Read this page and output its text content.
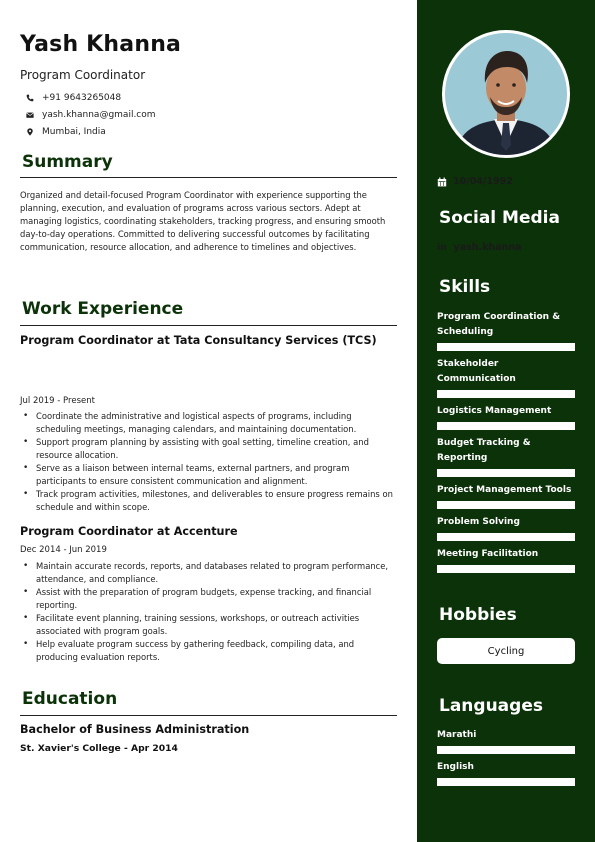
Yash Khanna
Program Coordinator
+91 9643265048
yash.khanna@gmail.com
Mumbai, India
Summary
Organized and detail-focused Program Coordinator with experience supporting the planning, execution, and evaluation of programs across various sectors. Adept at managing logistics, coordinating stakeholders, tracking progress, and ensuring smooth day-to-day operations. Committed to delivering successful outcomes by facilitating communication, resource allocation, and adherence to timelines and objectives.
Work Experience
Program Coordinator at Tata Consultancy Services (TCS)
Jul 2019 - Present
• Coordinate the administrative and logistical aspects of programs, including scheduling meetings, managing calendars, and maintaining documentation.
• Support program planning by assisting with goal setting, timeline creation, and resource allocation.
• Serve as a liaison between internal teams, external partners, and program participants to ensure consistent communication and alignment.
• Track program activities, milestones, and deliverables to ensure progress remains on schedule and within scope.
Program Coordinator at Accenture
Dec 2014 - Jun 2019
• Maintain accurate records, reports, and databases related to program performance, attendance, and compliance.
• Assist with the preparation of program budgets, expense tracking, and financial reporting.
• Facilitate event planning, training sessions, workshops, or outreach activities associated with program goals.
• Help evaluate program success by gathering feedback, compiling data, and producing evaluation reports.
Education
Bachelor of Business Administration
St. Xavier's College - Apr 2014
10/04/1992
Social Media
in yash.khanna
Skills
Program Coordination & Scheduling
Stakeholder Communication
Logistics Management
Budget Tracking & Reporting
Project Management Tools
Problem Solving
Meeting Facilitation
Hobbies
Cycling
Languages
Marathi
English
